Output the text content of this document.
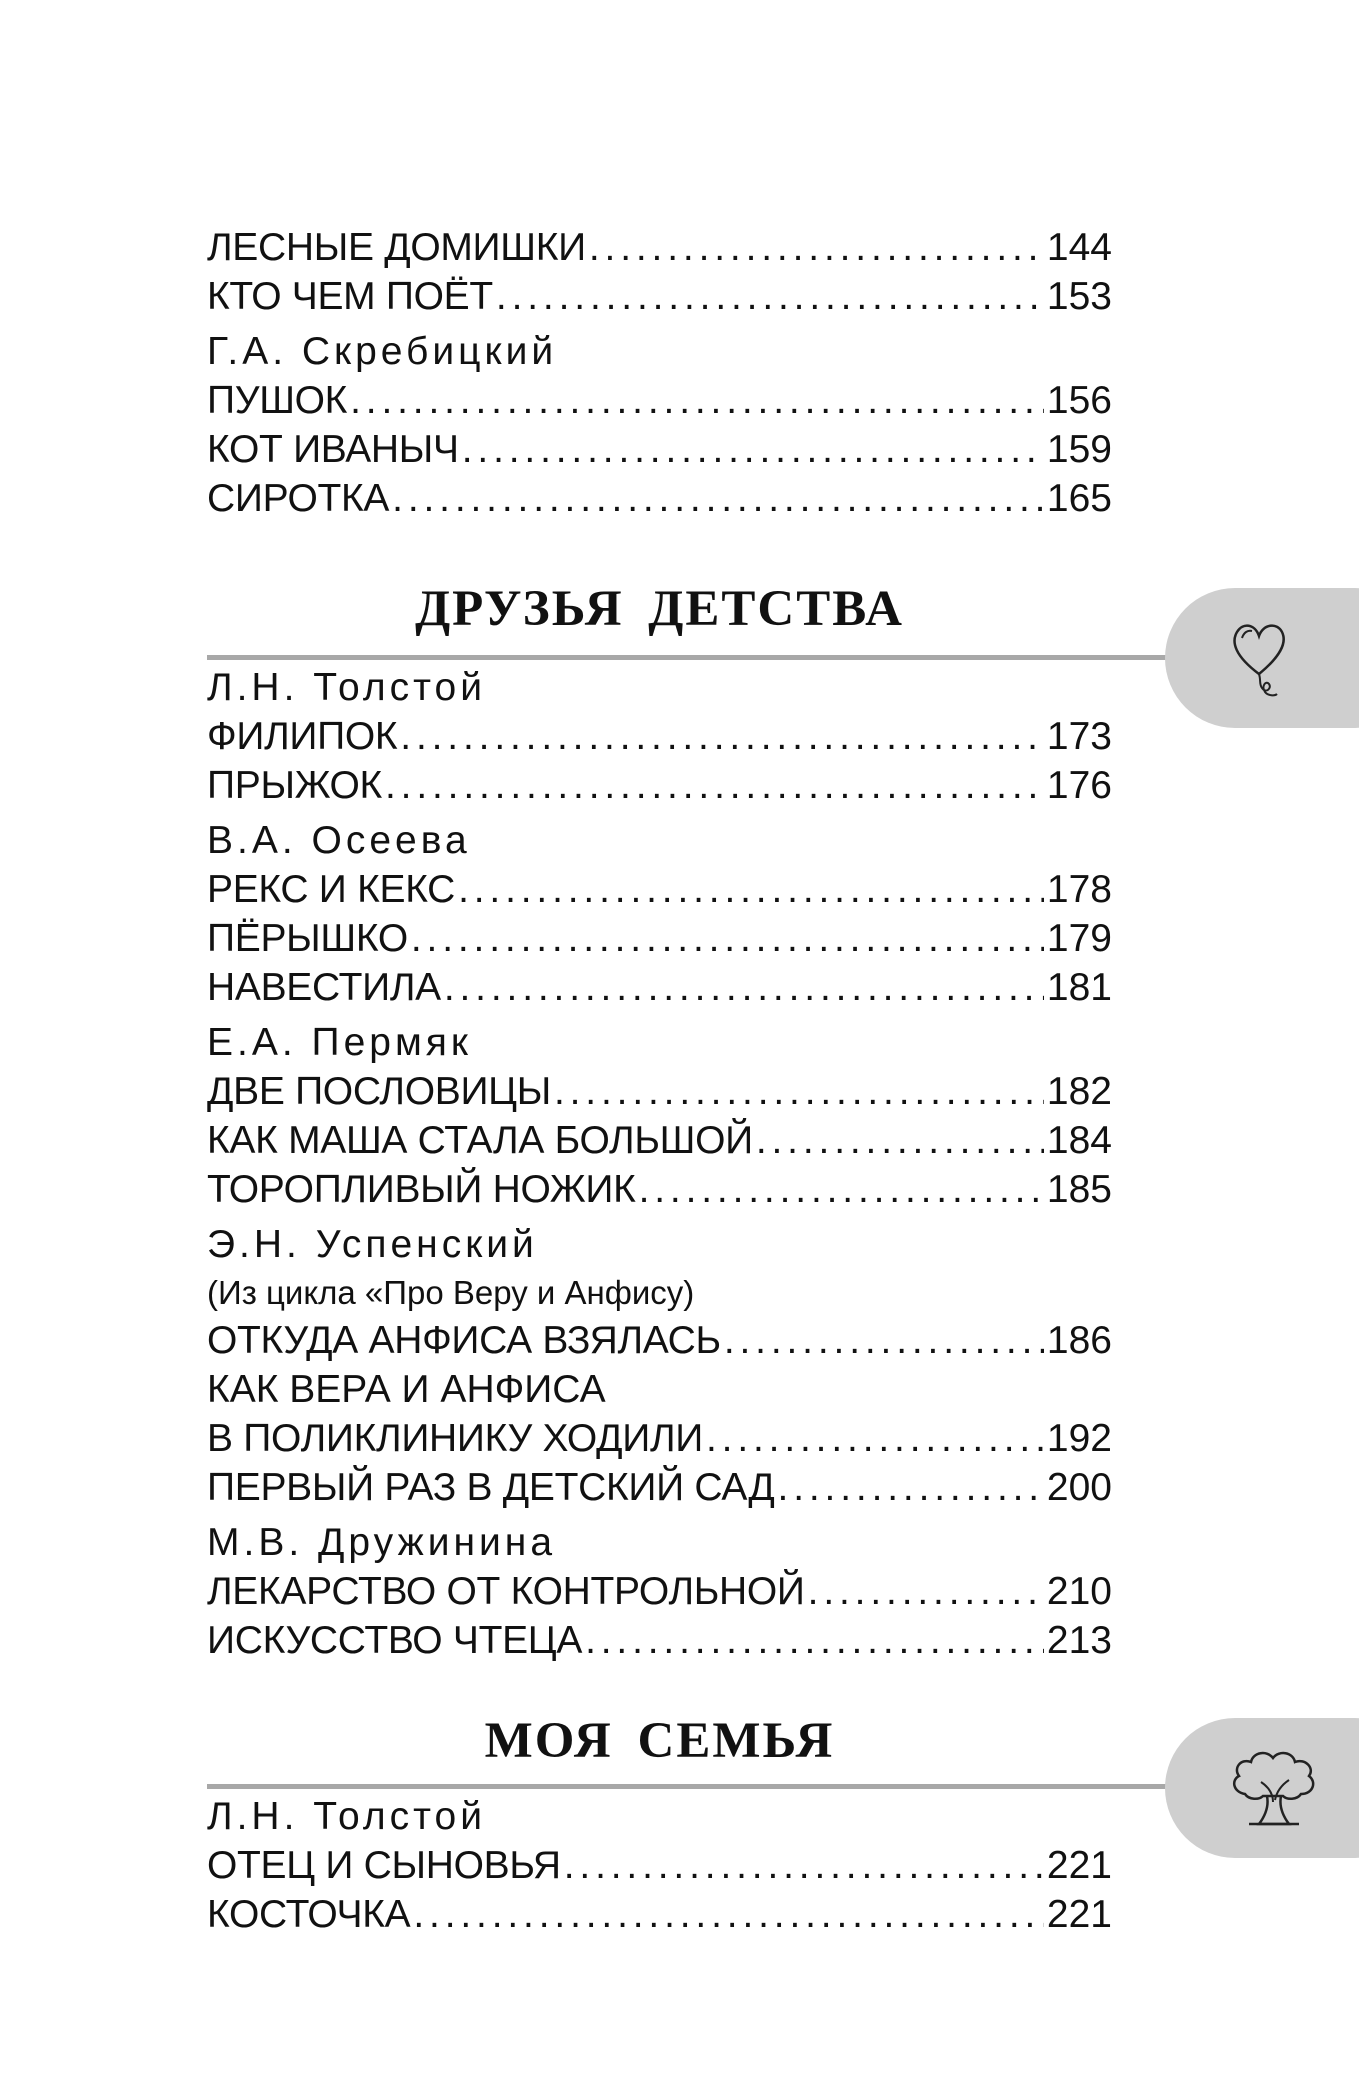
ЛЕСНЫЕ ДОМИШКИ . . .	144
КТО ЧЕМ ПОЁТ . . .	153
Г.А. Скребицкий
ПУШОК . . .	156
КОТ ИВАНЫЧ . . .	159
СИРОТКА . . .	165
ДРУЗЬЯ ДЕТСТВА
Л.Н. Толстой
ФИЛИПОК . . .	173
ПРЫЖОК . . .	176
В.А. Осеева
РЕКС И КЕКС . . .	178
ПЁРЫШКО . . .	179
НАВЕСТИЛА . . .	181
Е.А. Пермяк
ДВЕ ПОСЛОВИЦЫ . . .	182
КАК МАША СТАЛА БОЛЬШОЙ . . .	184
ТОРОПЛИВЫЙ НОЖИК . . .	185
Э.Н. Успенский
(Из цикла «Про Веру и Анфису)
ОТКУДА АНФИСА ВЗЯЛАСЬ . . .	186
КАК ВЕРА И АНФИСА
В ПОЛИКЛИНИКУ ХОДИЛИ . . .	192
ПЕРВЫЙ РАЗ В ДЕТСКИЙ САД . . .	200
М.В. Дружинина
ЛЕКАРСТВО ОТ КОНТРОЛЬНОЙ . . .	210
ИСКУССТВО ЧТЕЦА . . .	213
МОЯ СЕМЬЯ
Л.Н. Толстой
ОТЕЦ И СЫНОВЬЯ . . .	221
КОСТОЧКА . . .	221
